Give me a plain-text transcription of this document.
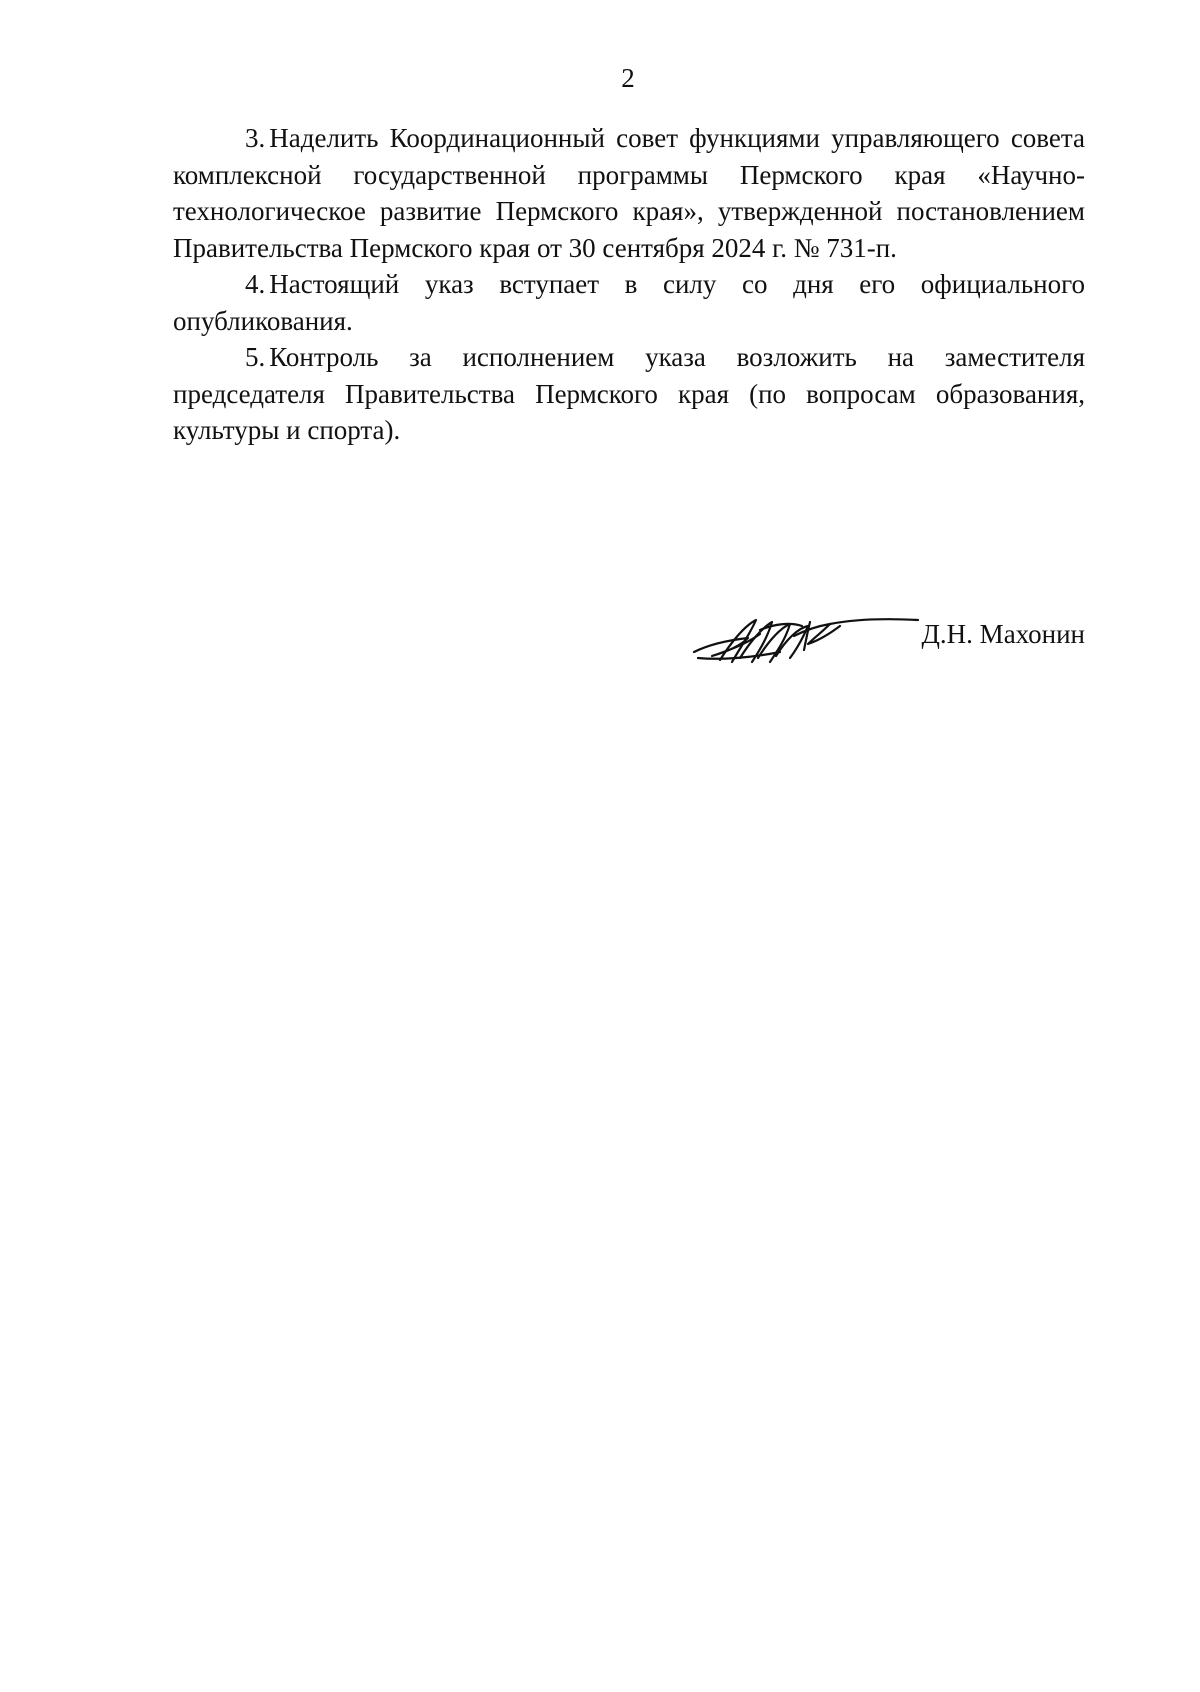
2

3. Наделить Координационный совет функциями управляющего совета комплексной государственной программы Пермского края «Научно-технологическое развитие Пермского края», утвержденной постановлением Правительства Пермского края от 30 сентября 2024 г. № 731-п.

4. Настоящий указ вступает в силу со дня его официального опубликования.

5. Контроль за исполнением указа возложить на заместителя председателя Правительства Пермского края (по вопросам образования, культуры и спорта).

Д.Н. Махонин
